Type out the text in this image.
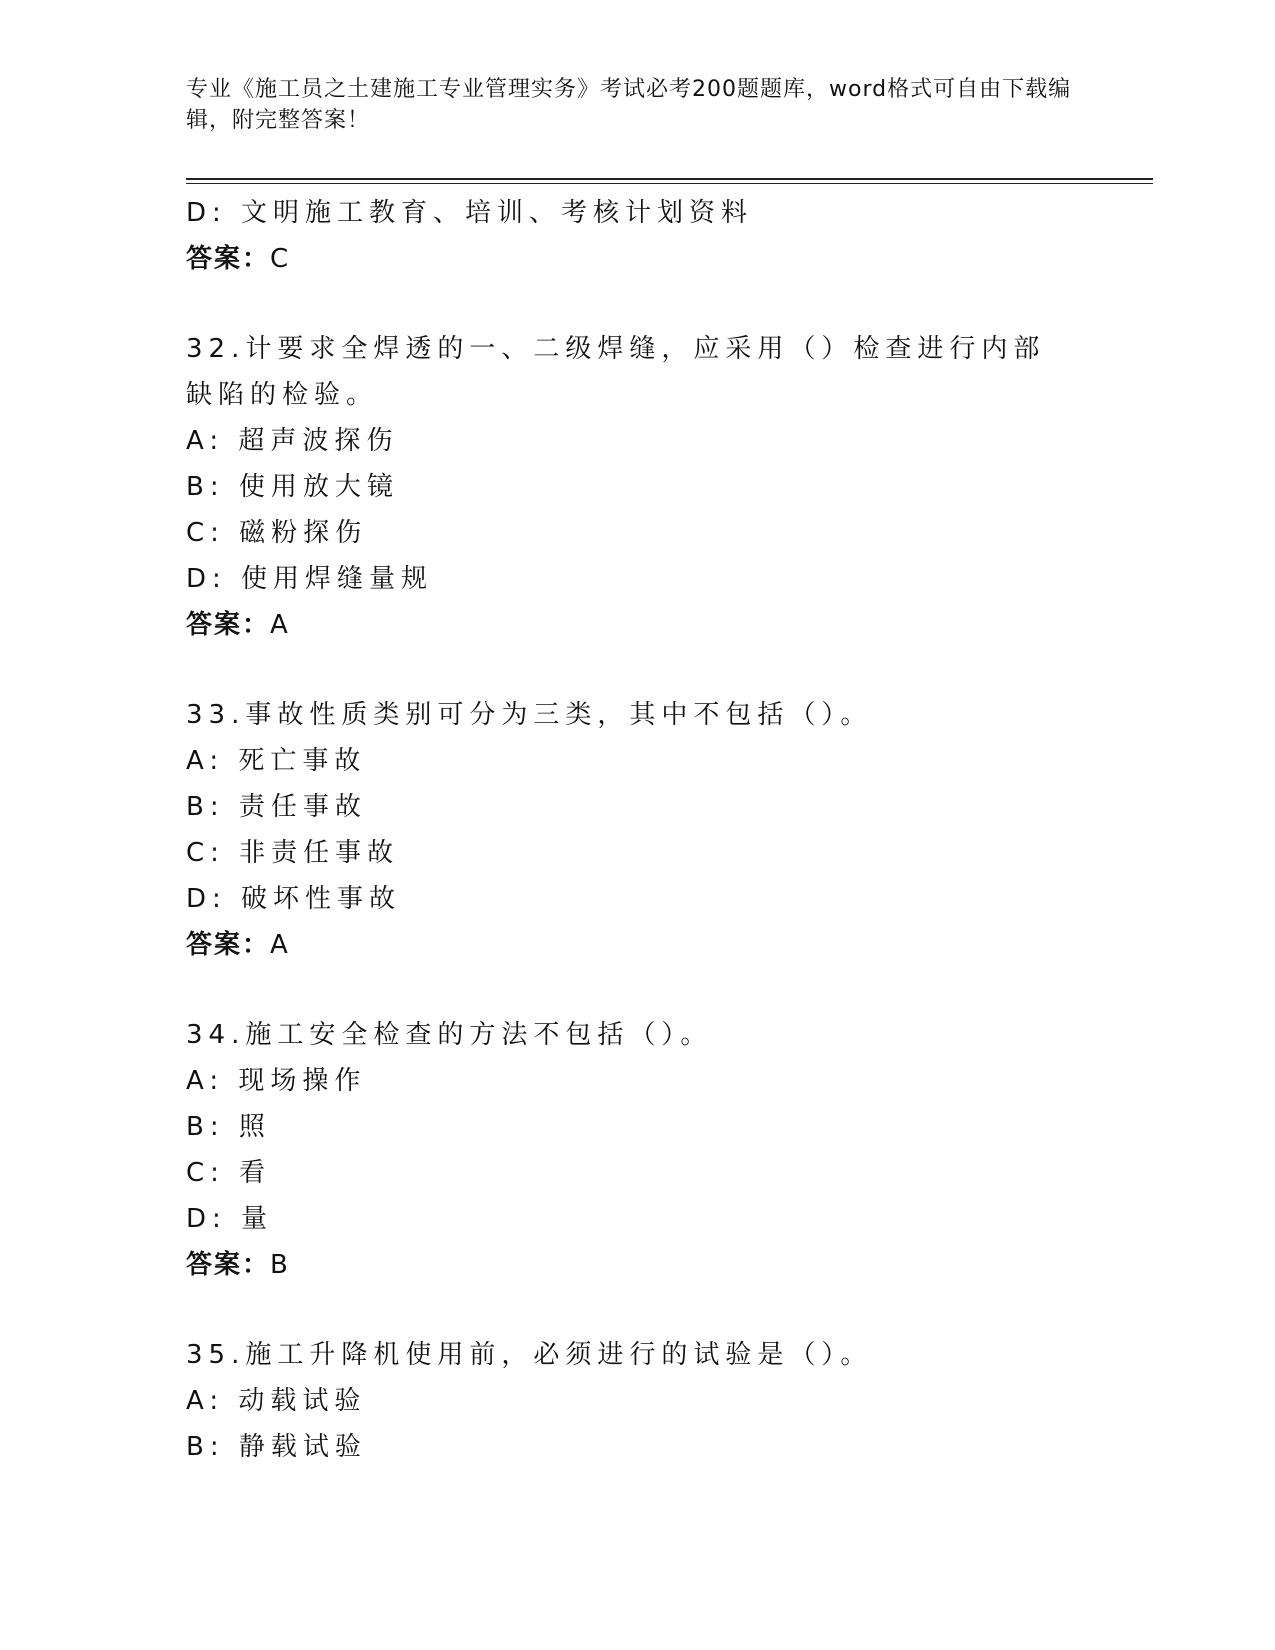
专业《施工员之土建施工专业管理实务》考试必考200题题库，word格式可自由下载编辑，附完整答案！
D: 文明施工教育、培训、考核计划资料
答案：C
32.计要求全焊透的一、二级焊缝，应采用（）检查进行内部缺陷的检验。
A: 超声波探伤
B: 使用放大镜
C: 磁粉探伤
D: 使用焊缝量规
答案：A
33.事故性质类别可分为三类，其中不包括（）。
A: 死亡事故
B: 责任事故
C: 非责任事故
D: 破坏性事故
答案：A
34.施工安全检查的方法不包括（）。
A: 现场操作
B: 照
C: 看
D: 量
答案：B
35.施工升降机使用前，必须进行的试验是（）。
A: 动载试验
B: 静载试验
